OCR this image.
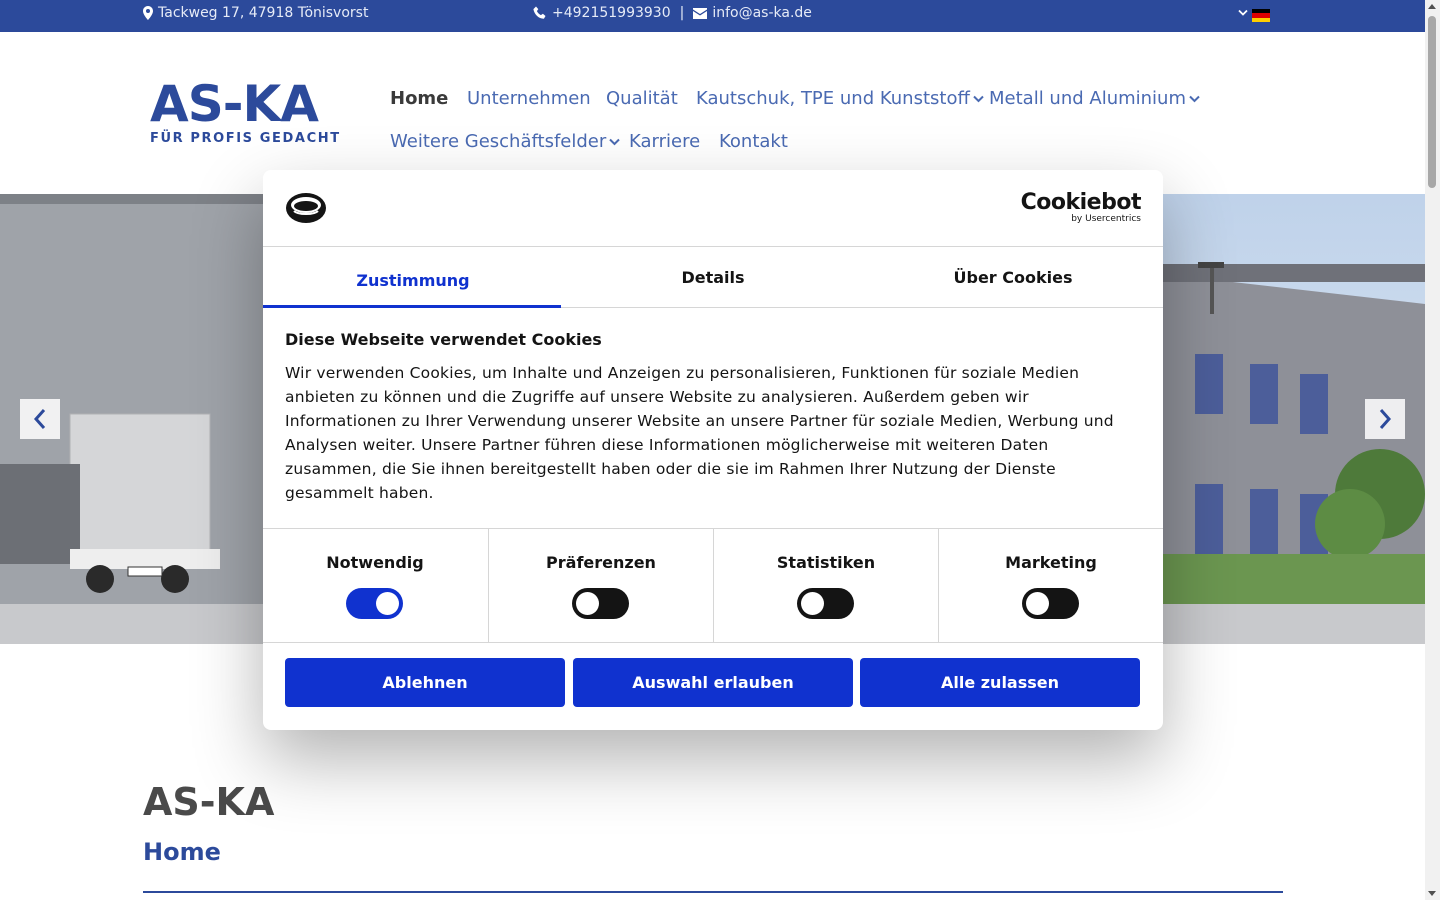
Tackweg 17, 47918 Tönisvorst	+492151993930 | info@as-ka.de
AS-KA
FÜR PROFIS GEDACHT
Home Unternehmen Qualität Kautschuk, TPE und Kunststoff Metall und Aluminium
Weitere Geschäftsfelder Karriere Kontakt
AS-KA
Home
Cookiebot
by Usercentrics
Zustimmung	Details	Über Cookies
Diese Webseite verwendet Cookies

Wir verwenden Cookies, um Inhalte und Anzeigen zu personalisieren, Funktionen für soziale Medien anbieten zu können und die Zugriffe auf unsere Website zu analysieren. Außerdem geben wir Informationen zu Ihrer Verwendung unserer Website an unsere Partner für soziale Medien, Werbung und Analysen weiter. Unsere Partner führen diese Informationen möglicherweise mit weiteren Daten zusammen, die Sie ihnen bereitgestellt haben oder die sie im Rahmen Ihrer Nutzung der Dienste gesammelt haben.

Notwendig	Präferenzen	Statistiken	Marketing
Ablehnen	Auswahl erlauben	Alle zulassen
